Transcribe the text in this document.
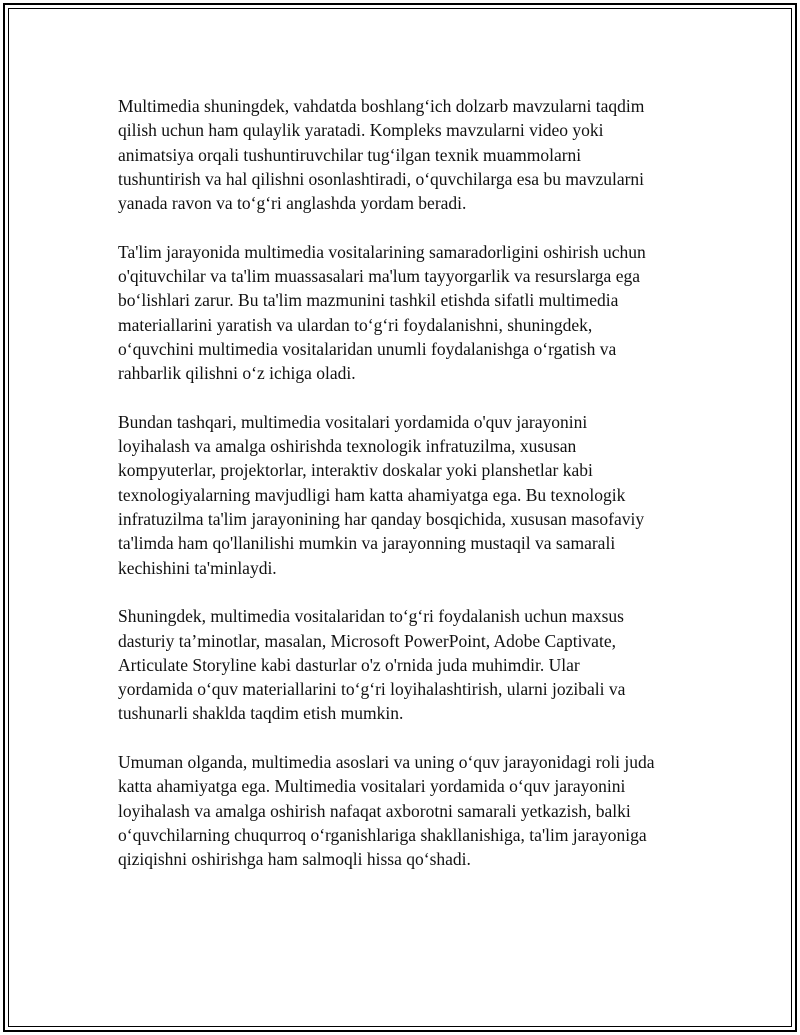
Multimedia shuningdek, vahdatda boshlang‘ich dolzarb mavzularni taqdim
qilish uchun ham qulaylik yaratadi. Kompleks mavzularni video yoki
animatsiya orqali tushuntiruvchilar tug‘ilgan texnik muammolarni
tushuntirish va hal qilishni osonlashtiradi, o‘quvchilarga esa bu mavzularni
yanada ravon va to‘g‘ri anglashda yordam beradi.

Ta'lim jarayonida multimedia vositalarining samaradorligini oshirish uchun
o'qituvchilar va ta'lim muassasalari ma'lum tayyorgarlik va resurslarga ega
bo‘lishlari zarur. Bu ta'lim mazmunini tashkil etishda sifatli multimedia
materiallarini yaratish va ulardan to‘g‘ri foydalanishni, shuningdek,
o‘quvchini multimedia vositalaridan unumli foydalanishga o‘rgatish va
rahbarlik qilishni o‘z ichiga oladi.

Bundan tashqari, multimedia vositalari yordamida o'quv jarayonini
loyihalash va amalga oshirishda texnologik infratuzilma, xususan
kompyuterlar, projektorlar, interaktiv doskalar yoki planshetlar kabi
texnologiyalarning mavjudligi ham katta ahamiyatga ega. Bu texnologik
infratuzilma ta'lim jarayonining har qanday bosqichida, xususan masofaviy
ta'limda ham qo'llanilishi mumkin va jarayonning mustaqil va samarali
kechishini ta'minlaydi.

Shuningdek, multimedia vositalaridan to‘g‘ri foydalanish uchun maxsus
dasturiy ta’minotlar, masalan, Microsoft PowerPoint, Adobe Captivate,
Articulate Storyline kabi dasturlar o'z o'rnida juda muhimdir. Ular
yordamida o‘quv materiallarini to‘g‘ri loyihalashtirish, ularni jozibali va
tushunarli shaklda taqdim etish mumkin.

Umuman olganda, multimedia asoslari va uning o‘quv jarayonidagi roli juda
katta ahamiyatga ega. Multimedia vositalari yordamida o‘quv jarayonini
loyihalash va amalga oshirish nafaqat axborotni samarali yetkazish, balki
o‘quvchilarning chuqurroq o‘rganishlariga shakllanishiga, ta'lim jarayoniga
qiziqishni oshirishga ham salmoqli hissa qo‘shadi.
